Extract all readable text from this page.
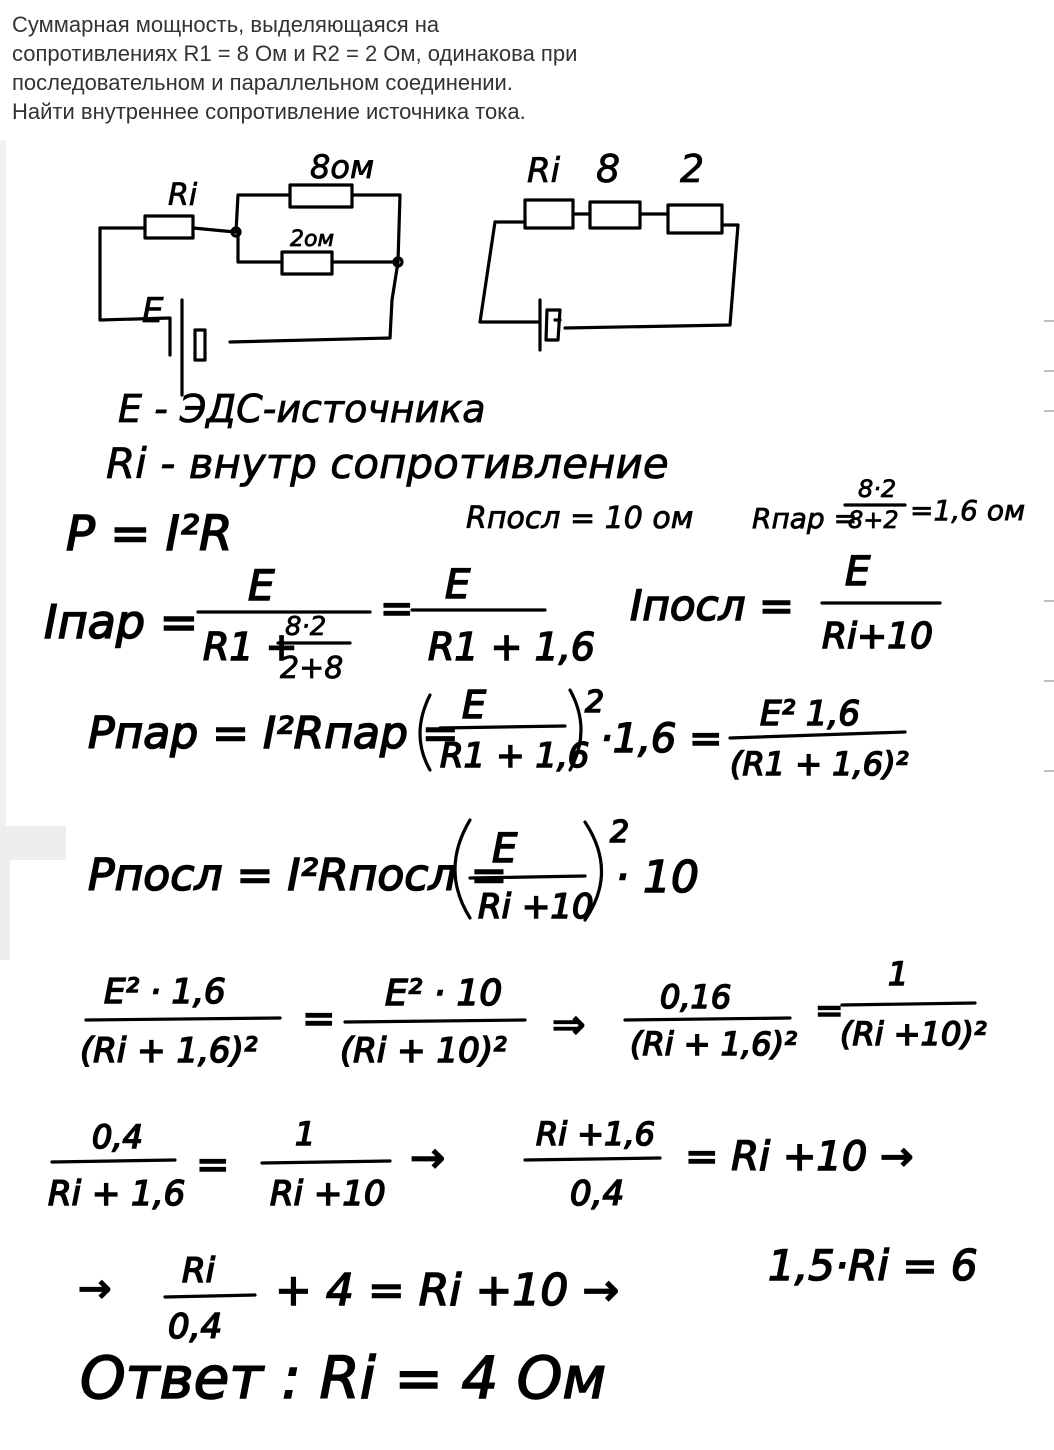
Суммарная мощность, выделяющаяся на
сопротивлениях R1 = 8 Ом и R2 = 2 Ом, одинакова при
последовательном и параллельном соединении.
Найти внутреннее сопротивление источника тока.
Ri
8ом
2ом
E
Ri 8 2
E - ЭДС-источника
Ri - внутр сопротивление
P = I²R	Rпосл = 10 ом Rпар =
8·2
8+2 =1,6 ом
Iпар =
E
R1 +
8·2
2+8
=
E
R1 + 1,6
Iпосл =
E
Ri+10
Pпар = I²Rпар =
E
R1 + 1,6
2
·1,6 =
E² 1,6
(R1 + 1,6)²
Pпосл = I²Rпосл =
E
Ri +10
2
· 10
E² · 1,6
(Ri + 1,6)²
=
E² · 10
(Ri + 10)²
⇒
0,16
(Ri + 1,6)²
=
1
(Ri +10)²
0,4
Ri + 1,6
=
1
Ri +10
→	Ri +1,6
0,4
= Ri +10 →
→ Ri
0,4
+ 4 = Ri +10 →	1,5·Ri = 6
Ответ : Ri = 4 Ом
